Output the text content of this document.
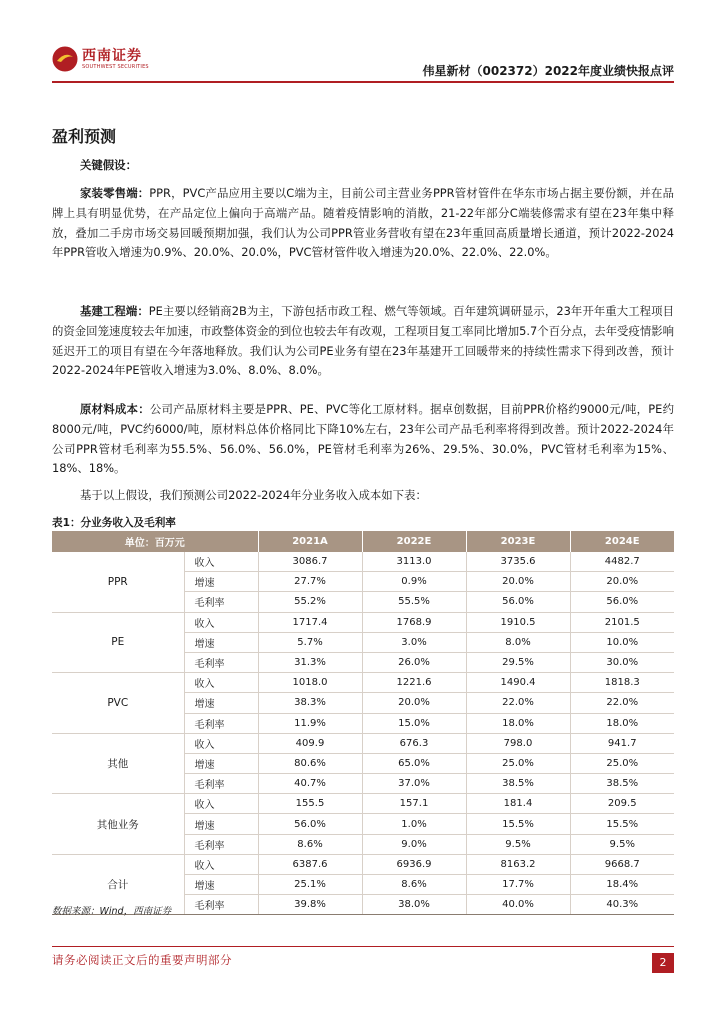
西南证券
SOUTHWEST SECURITIES	伟星新材（002372）2022年度业绩快报点评
盈利预测
关键假设：
家装零售端：PPR，PVC产品应用主要以C端为主，目前公司主营业务PPR管材管件在华东市场占据主要份额，并在品牌上具有明显优势，在产品定位上偏向于高端产品。随着疫情影响的消散，21-22年部分C端装修需求有望在23年集中释放，叠加二手房市场交易回暖预期加强，我们认为公司PPR管业务营收有望在23年重回高质量增长通道，预计2022-2024年PPR管收入增速为0.9%、20.0%、20.0%，PVC管材管件收入增速为20.0%、22.0%、22.0%。
基建工程端：PE主要以经销商2B为主，下游包括市政工程、燃气等领域。百年建筑调研显示，23年开年重大工程项目的资金回笼速度较去年加速，市政整体资金的到位也较去年有改观，工程项目复工率同比增加5.7个百分点，去年受疫情影响延迟开工的项目有望在今年落地释放。我们认为公司PE业务有望在23年基建开工回暖带来的持续性需求下得到改善，预计2022-2024年PE管收入增速为3.0%、8.0%、8.0%。
原材料成本：公司产品原材料主要是PPR、PE、PVC等化工原材料。据卓创数据，目前PPR价格约9000元/吨，PE约8000元/吨，PVC约6000/吨，原材料总体价格同比下降10%左右，23年公司产品毛利率将得到改善。预计2022-2024年公司PPR管材毛利率为55.5%、56.0%、56.0%，PE管材毛利率为26%、29.5%、30.0%，PVC管材毛利率为15%、18%、18%。
基于以上假设，我们预测公司2022-2024年分业务收入成本如下表：
表1：分业务收入及毛利率
单位：百万元		2021A	2022E	2023E	2024E
PPR	收入	3086.7	3113.0	3735.6	4482.7
	增速	27.7%	0.9%	20.0%	20.0%
	毛利率	55.2%	55.5%	56.0%	56.0%
PE	收入	1717.4	1768.9	1910.5	2101.5
	增速	5.7%	3.0%	8.0%	10.0%
	毛利率	31.3%	26.0%	29.5%	30.0%
PVC	收入	1018.0	1221.6	1490.4	1818.3
	增速	38.3%	20.0%	22.0%	22.0%
	毛利率	11.9%	15.0%	18.0%	18.0%
其他	收入	409.9	676.3	798.0	941.7
	增速	80.6%	65.0%	25.0%	25.0%
	毛利率	40.7%	37.0%	38.5%	38.5%
其他业务	收入	155.5	157.1	181.4	209.5
	增速	56.0%	1.0%	15.5%	15.5%
	毛利率	8.6%	9.0%	9.5%	9.5%
合计	收入	6387.6	6936.9	8163.2	9668.7
	增速	25.1%	8.6%	17.7%	18.4%
	毛利率	39.8%	38.0%	40.0%	40.3%
数据来源：Wind，西南证券
请务必阅读正文后的重要声明部分	2
